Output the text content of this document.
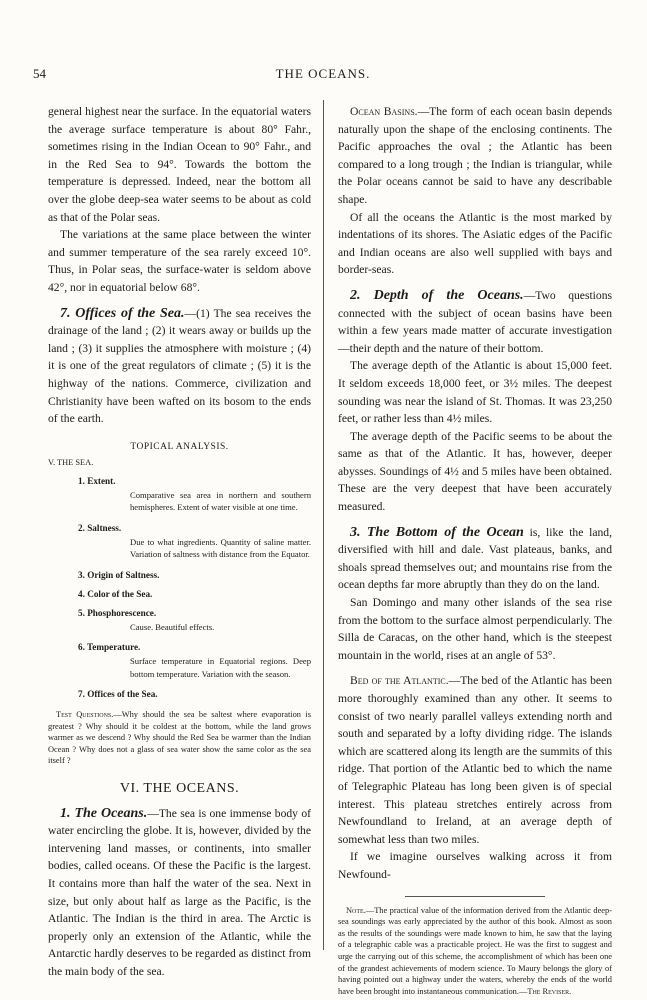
54	THE OCEANS.

general highest near the surface. In the equatorial waters the average surface temperature is about 80° Fahr., sometimes rising in the Indian Ocean to 90° Fahr., and in the Red Sea to 94°. Towards the bottom the temperature is depressed. Indeed, near the bottom all over the globe deep-sea water seems to be about as cold as that of the Polar seas.

The variations at the same place between the winter and summer temperature of the sea rarely exceed 10°. Thus, in Polar seas, the surface-water is seldom above 42°, nor in equatorial below 68°.

7. Offices of the Sea.—(1) The sea receives the drainage of the land ; (2) it wears away or builds up the land ; (3) it supplies the atmosphere with moisture ; (4) it is one of the great regulators of climate ; (5) it is the highway of the nations. Commerce, civilization and Christianity have been wafted on its bosom to the ends of the earth.

TOPICAL ANALYSIS.
V. THE SEA.
1. Extent.
Comparative sea area in northern and southern hemispheres. Extent of water visible at one time.
2. Saltness.
Due to what ingredients. Quantity of saline matter. Variation of saltness with distance from the Equator.
3. Origin of Saltness.
4. Color of the Sea.
5. Phosphorescence.
Cause. Beautiful effects.
6. Temperature.
Surface temperature in Equatorial regions. Deep bottom temperature. Variation with the season.
7. Offices of the Sea.
Test Questions.—Why should the sea be saltest where evaporation is greatest ? Why should it be coldest at the bottom, while the land grows warmer as we descend ? Why should the Red Sea be warmer than the Indian Ocean ? Why does not a glass of sea water show the same color as the sea itself ?
VI. THE OCEANS.

1. The Oceans.—The sea is one immense body of water encircling the globe. It is, however, divided by the intervening land masses, or continents, into smaller bodies, called oceans. Of these the Pacific is the largest. It contains more than half the water of the sea. Next in size, but only about half as large as the Pacific, is the Atlantic. The Indian is the third in area. The Arctic is properly only an extension of the Atlantic, while the Antarctic hardly deserves to be regarded as distinct from the main body of the sea.

Ocean Basins.—The form of each ocean basin depends naturally upon the shape of the enclosing continents. The Pacific approaches the oval ; the Atlantic has been compared to a long trough ; the Indian is triangular, while the Polar oceans cannot be said to have any describable shape.

Of all the oceans the Atlantic is the most marked by indentations of its shores. The Asiatic edges of the Pacific and Indian oceans are also well supplied with bays and border-seas.

2. Depth of the Oceans.—Two questions connected with the subject of ocean basins have been within a few years made matter of accurate investigation—their depth and the nature of their bottom.

The average depth of the Atlantic is about 15,000 feet. It seldom exceeds 18,000 feet, or 3½ miles. The deepest sounding was near the island of St. Thomas. It was 23,250 feet, or rather less than 4½ miles.

The average depth of the Pacific seems to be about the same as that of the Atlantic. It has, however, deeper abysses. Soundings of 4½ and 5 miles have been obtained. These are the very deepest that have been accurately measured.

3. The Bottom of the Ocean is, like the land, diversified with hill and dale. Vast plateaus, banks, and shoals spread themselves out; and mountains rise from the ocean depths far more abruptly than they do on the land.

San Domingo and many other islands of the sea rise from the bottom to the surface almost perpendicularly. The Silla de Caracas, on the other hand, which is the steepest mountain in the world, rises at an angle of 53°.

Bed of the Atlantic.—The bed of the Atlantic has been more thoroughly examined than any other. It seems to consist of two nearly parallel valleys extending north and south and separated by a lofty dividing ridge. The islands which are scattered along its length are the summits of this ridge. That portion of the Atlantic bed to which the name of Telegraphic Plateau has long been given is of special interest. This plateau stretches entirely across from Newfoundland to Ireland, at an average depth of somewhat less than two miles.

If we imagine ourselves walking across it from Newfound-

Note.—The practical value of the information derived from the Atlantic deep-sea soundings was early appreciated by the author of this book. Almost as soon as the results of the soundings were made known to him, he saw that the laying of a telegraphic cable was a practicable project. He was the first to suggest and urge the carrying out of this scheme, the accomplishment of which has been one of the grandest achievements of modern science. To Maury belongs the glory of having pointed out a highway under the waters, whereby the ends of the world have been brought into instantaneous communication.—The Reviser.
